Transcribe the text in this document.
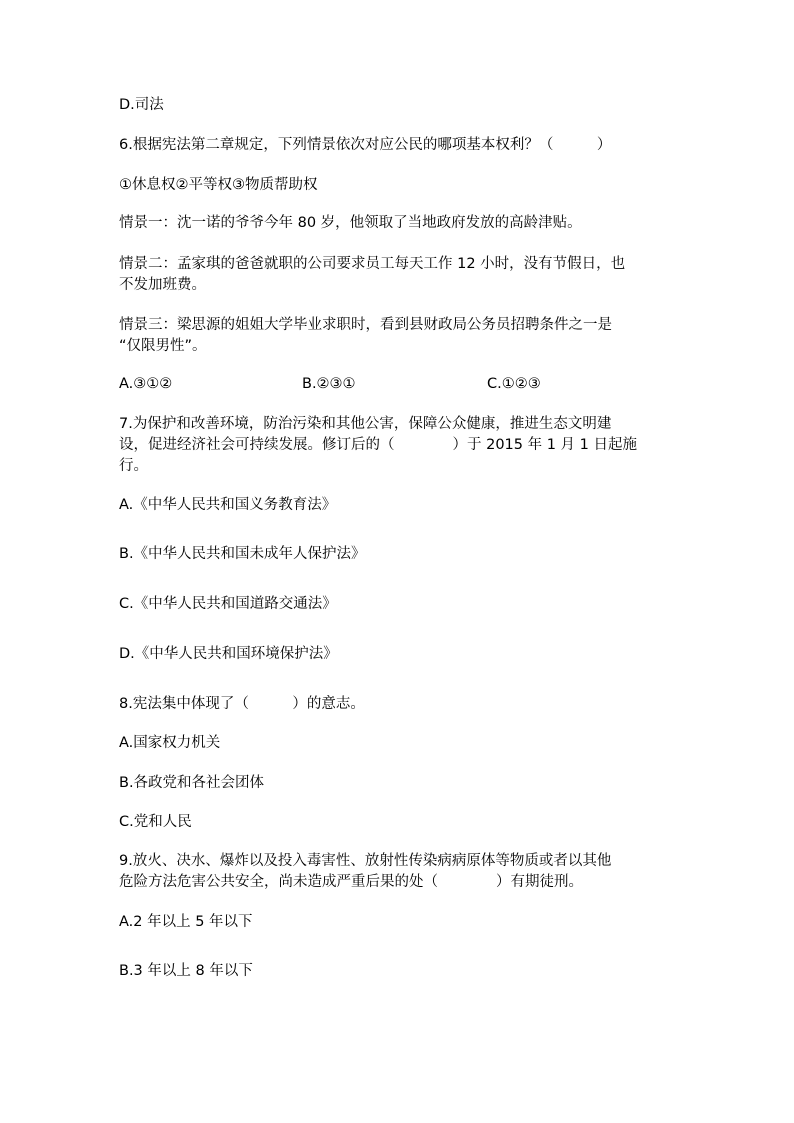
D.司法

6.根据宪法第二章规定，下列情景依次对应公民的哪项基本权利？（　　　）

①休息权②平等权③物质帮助权

情景一：沈一诺的爷爷今年 80 岁，他领取了当地政府发放的高龄津贴。

情景二：孟家琪的爸爸就职的公司要求员工每天工作 12 小时，没有节假日，也

不发加班费。

情景三：梁思源的姐姐大学毕业求职时，看到县财政局公务员招聘条件之一是

“仅限男性”。

A.③①②	B.②③①	C.①②③

7.为保护和改善环境，防治污染和其他公害，保障公众健康，推进生态文明建

设，促进经济社会可持续发展。修订后的（　　　　）于 2015 年 1 月 1 日起施

行。

A.《中华人民共和国义务教育法》

B.《中华人民共和国未成年人保护法》

C.《中华人民共和国道路交通法》

D.《中华人民共和国环境保护法》

8.宪法集中体现了（　　　）的意志。

A.国家权力机关

B.各政党和各社会团体

C.党和人民

9.放火、决水、爆炸以及投入毒害性、放射性传染病病原体等物质或者以其他

危险方法危害公共安全，尚未造成严重后果的处（　　　　）有期徒刑。

A.2 年以上 5 年以下

B.3 年以上 8 年以下
